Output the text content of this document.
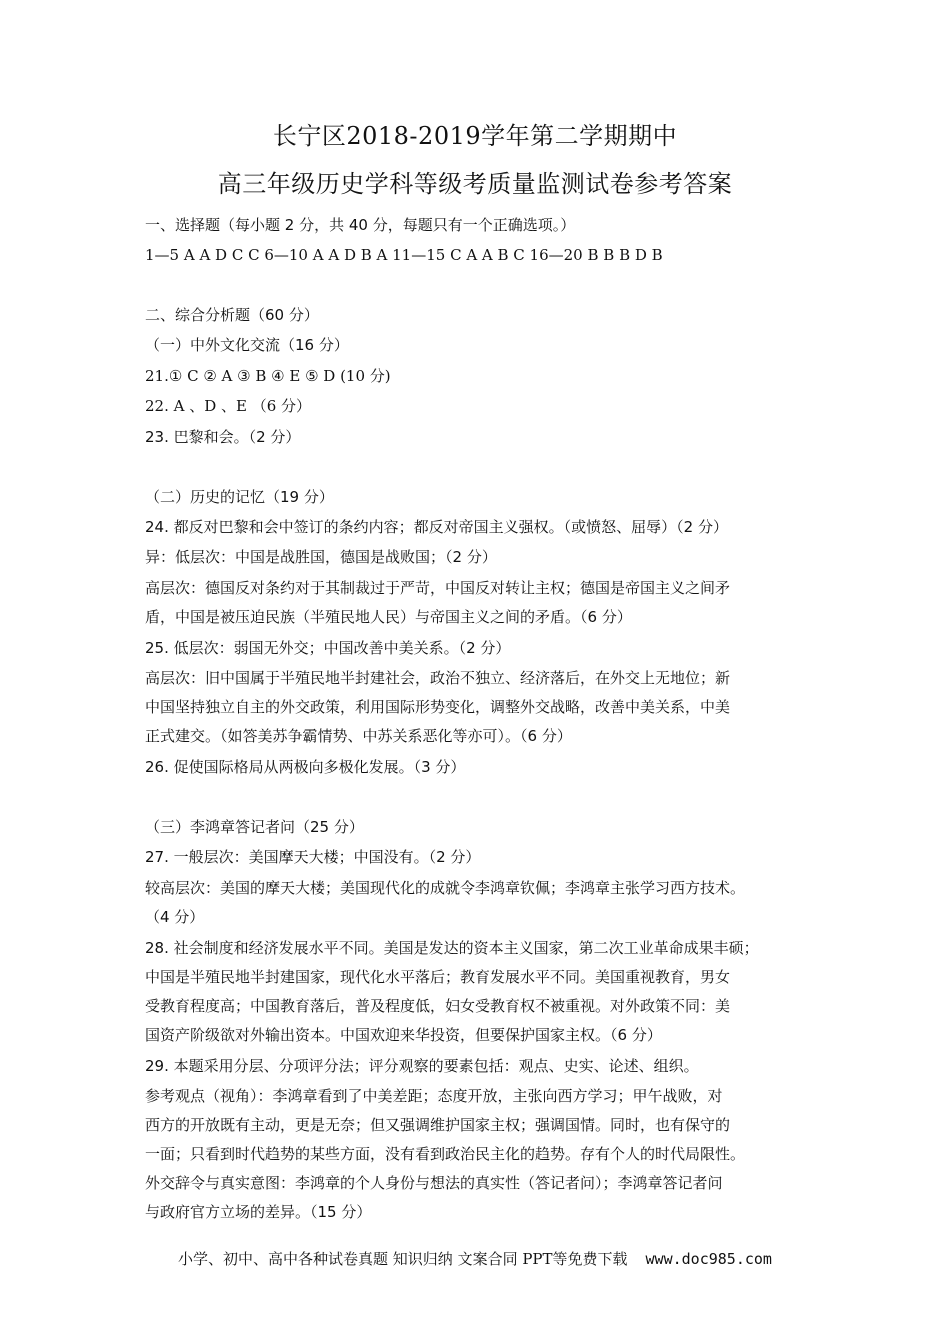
长宁区2018-2019学年第二学期期中
高三年级历史学科等级考质量监测试卷参考答案
一、选择题（每小题 2 分，共 40 分，每题只有一个正确选项。）
1—5 A A D C C 6—10 A A D B A 11—15 C A A B C 16—20 B B B D B
二、综合分析题（60 分）
（一）中外文化交流（16 分）
21.① C ② A ③ B ④ E ⑤ D (10 分)
22. A 、D 、E （6 分）
23. 巴黎和会。（2 分）
（二）历史的记忆（19 分）
24. 都反对巴黎和会中签订的条约内容；都反对帝国主义强权。（或愤怒、屈辱）（2 分）
异：低层次：中国是战胜国，德国是战败国；（2 分）
高层次：德国反对条约对于其制裁过于严苛，中国反对转让主权；德国是帝国主义之间矛
盾，中国是被压迫民族（半殖民地人民）与帝国主义之间的矛盾。（6 分）
25. 低层次：弱国无外交；中国改善中美关系。（2 分）
高层次：旧中国属于半殖民地半封建社会，政治不独立、经济落后，在外交上无地位；新
中国坚持独立自主的外交政策，利用国际形势变化，调整外交战略，改善中美关系，中美
正式建交。（如答美苏争霸情势、中苏关系恶化等亦可）。（6 分）
26. 促使国际格局从两极向多极化发展。（3 分）
（三）李鸿章答记者问（25 分）
27. 一般层次：美国摩天大楼；中国没有。（2 分）
较高层次：美国的摩天大楼；美国现代化的成就令李鸿章钦佩；李鸿章主张学习西方技术。
（4 分）
28. 社会制度和经济发展水平不同。美国是发达的资本主义国家，第二次工业革命成果丰硕；
中国是半殖民地半封建国家，现代化水平落后；教育发展水平不同。美国重视教育，男女
受教育程度高；中国教育落后，普及程度低，妇女受教育权不被重视。对外政策不同：美
国资产阶级欲对外输出资本。中国欢迎来华投资，但要保护国家主权。（6 分）
29. 本题采用分层、分项评分法；评分观察的要素包括：观点、史实、论述、组织。
参考观点（视角）：李鸿章看到了中美差距；态度开放，主张向西方学习；甲午战败，对
西方的开放既有主动，更是无奈；但又强调维护国家主权；强调国情。同时，也有保守的
一面；只看到时代趋势的某些方面，没有看到政治民主化的趋势。存有个人的时代局限性。
外交辞令与真实意图：李鸿章的个人身份与想法的真实性（答记者问）；李鸿章答记者问
与政府官方立场的差异。（15 分）
小学、初中、高中各种试卷真题 知识归纳 文案合同 PPT等免费下载 www.doc985.com
